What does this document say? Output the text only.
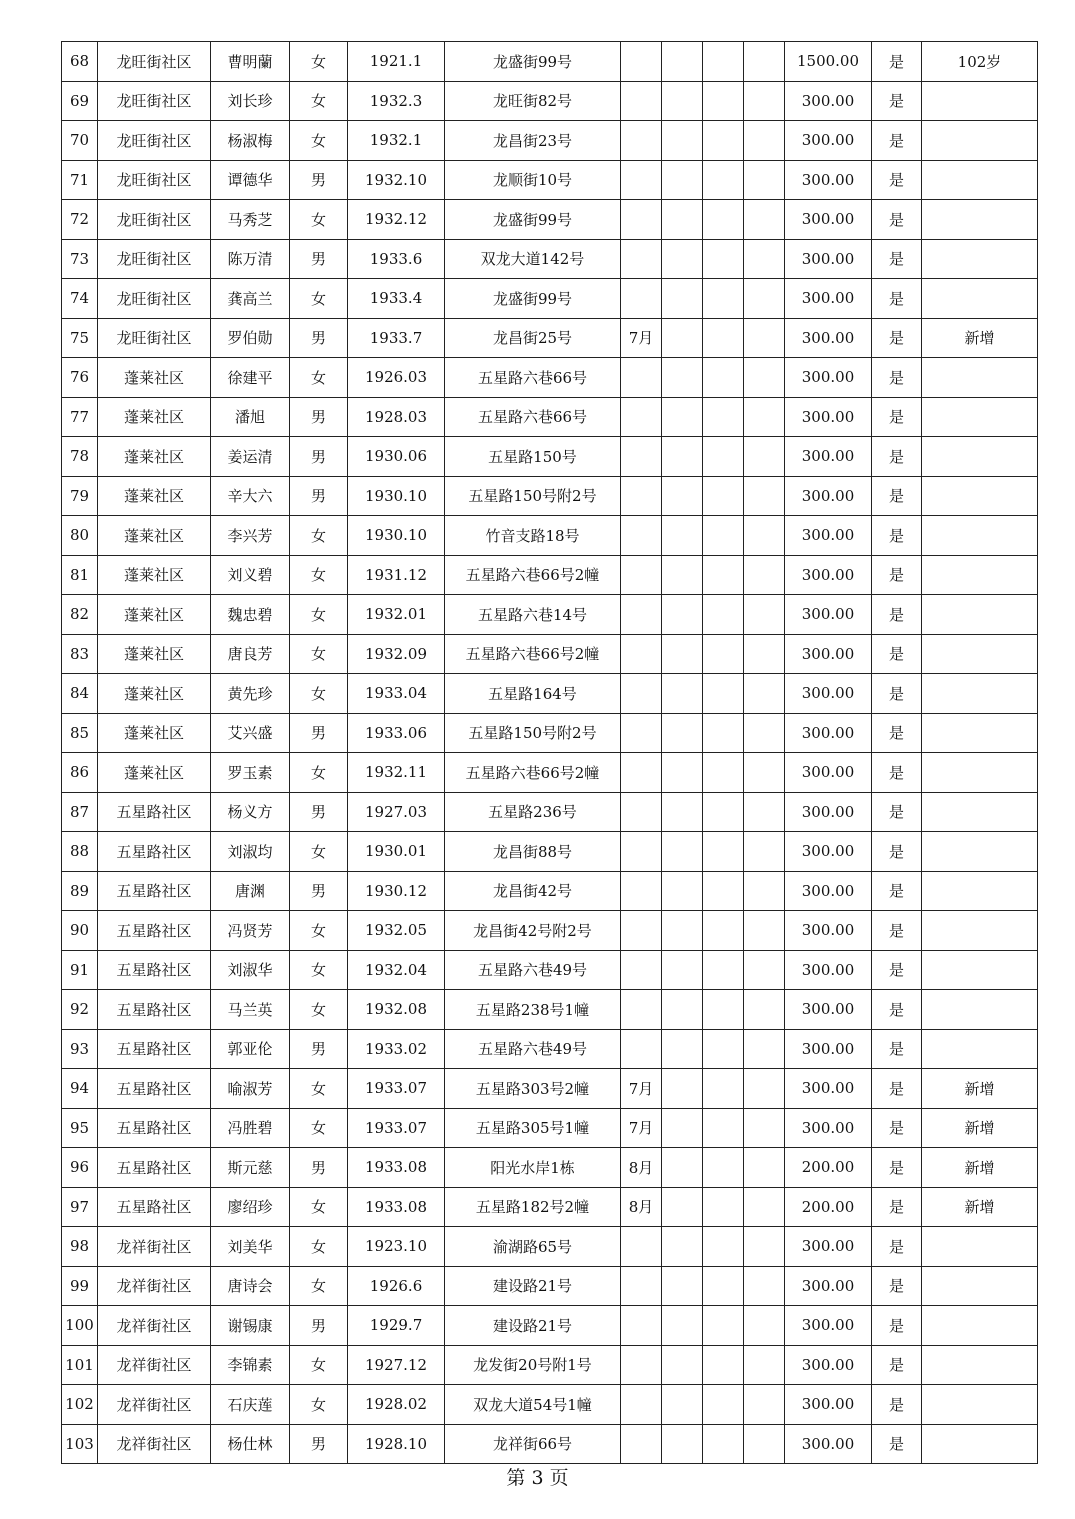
68	龙旺街社区	曹明蘭	女	1921.1	龙盛街99号					1500.00	是	102岁
69	龙旺街社区	刘长珍	女	1932.3	龙旺街82号					300.00	是	
70	龙旺街社区	杨淑梅	女	1932.1	龙昌街23号					300.00	是	
71	龙旺街社区	谭德华	男	1932.10	龙顺街10号					300.00	是	
72	龙旺街社区	马秀芝	女	1932.12	龙盛街99号					300.00	是	
73	龙旺街社区	陈万清	男	1933.6	双龙大道142号					300.00	是	
74	龙旺街社区	龚高兰	女	1933.4	龙盛街99号					300.00	是	
75	龙旺街社区	罗伯勋	男	1933.7	龙昌街25号	7月				300.00	是	新增
76	蓬莱社区	徐建平	女	1926.03	五星路六巷66号					300.00	是	
77	蓬莱社区	潘旭	男	1928.03	五星路六巷66号					300.00	是	
78	蓬莱社区	姜运清	男	1930.06	五星路150号					300.00	是	
79	蓬莱社区	辛大六	男	1930.10	五星路150号附2号					300.00	是	
80	蓬莱社区	李兴芳	女	1930.10	竹音支路18号					300.00	是	
81	蓬莱社区	刘义碧	女	1931.12	五星路六巷66号2幢					300.00	是	
82	蓬莱社区	魏忠碧	女	1932.01	五星路六巷14号					300.00	是	
83	蓬莱社区	唐良芳	女	1932.09	五星路六巷66号2幢					300.00	是	
84	蓬莱社区	黄先珍	女	1933.04	五星路164号					300.00	是	
85	蓬莱社区	艾兴盛	男	1933.06	五星路150号附2号					300.00	是	
86	蓬莱社区	罗玉素	女	1932.11	五星路六巷66号2幢					300.00	是	
87	五星路社区	杨义方	男	1927.03	五星路236号					300.00	是	
88	五星路社区	刘淑均	女	1930.01	龙昌街88号					300.00	是	
89	五星路社区	唐渊	男	1930.12	龙昌街42号					300.00	是	
90	五星路社区	冯贤芳	女	1932.05	龙昌街42号附2号					300.00	是	
91	五星路社区	刘淑华	女	1932.04	五星路六巷49号					300.00	是	
92	五星路社区	马兰英	女	1932.08	五星路238号1幢					300.00	是	
93	五星路社区	郭亚伦	男	1933.02	五星路六巷49号					300.00	是	
94	五星路社区	喻淑芳	女	1933.07	五星路303号2幢	7月				300.00	是	新增
95	五星路社区	冯胜碧	女	1933.07	五星路305号1幢	7月				300.00	是	新增
96	五星路社区	斯元慈	男	1933.08	阳光水岸1栋	8月				200.00	是	新增
97	五星路社区	廖绍珍	女	1933.08	五星路182号2幢	8月				200.00	是	新增
98	龙祥街社区	刘美华	女	1923.10	渝湖路65号					300.00	是	
99	龙祥街社区	唐诗会	女	1926.6	建设路21号					300.00	是	
100	龙祥街社区	谢锡康	男	1929.7	建设路21号					300.00	是	
101	龙祥街社区	李锦素	女	1927.12	龙发街20号附1号					300.00	是	
102	龙祥街社区	石庆莲	女	1928.02	双龙大道54号1幢					300.00	是	
103	龙祥街社区	杨仕林	男	1928.10	龙祥街66号					300.00	是	
第 3 页
